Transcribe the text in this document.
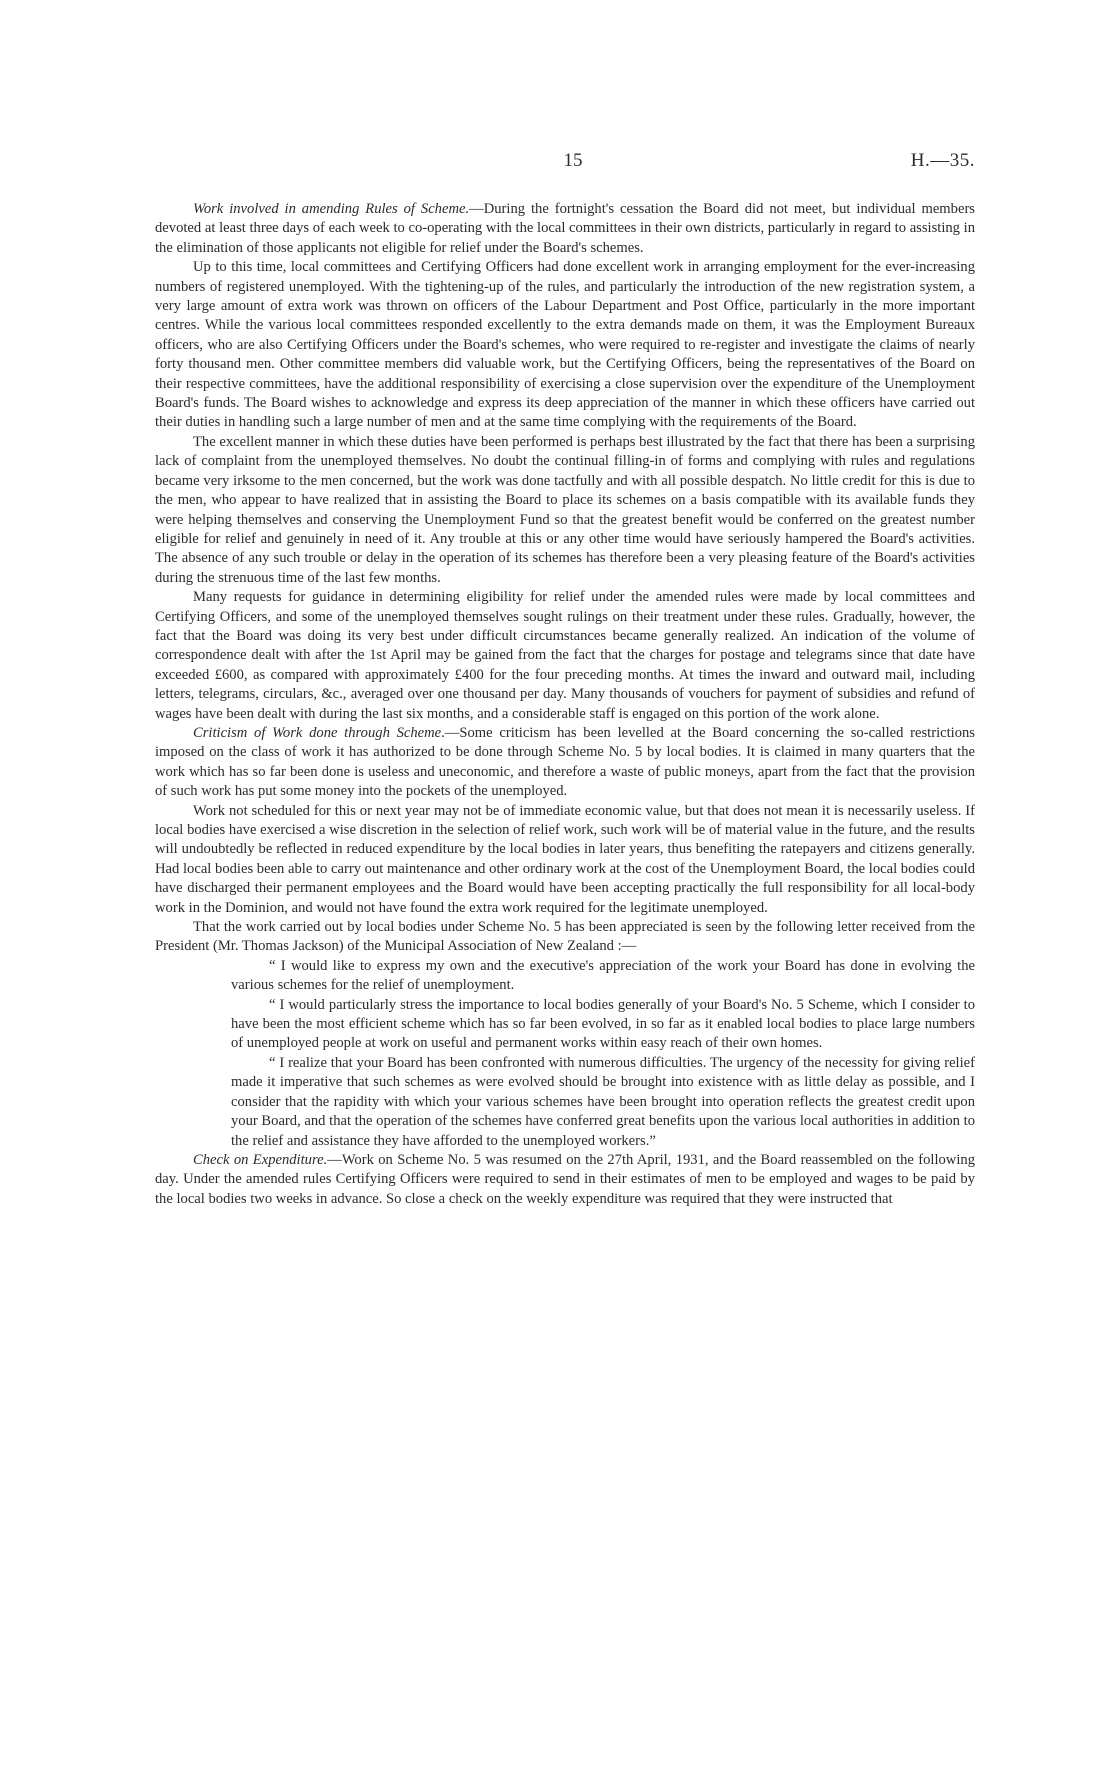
15	H.—35.

Work involved in amending Rules of Scheme.—During the fortnight's cessation the Board did not meet, but individual members devoted at least three days of each week to co-operating with the local committees in their own districts, particularly in regard to assisting in the elimination of those applicants not eligible for relief under the Board's schemes.

Up to this time, local committees and Certifying Officers had done excellent work in arranging employment for the ever-increasing numbers of registered unemployed. With the tightening-up of the rules, and particularly the introduction of the new registration system, a very large amount of extra work was thrown on officers of the Labour Department and Post Office, particularly in the more important centres. While the various local committees responded excellently to the extra demands made on them, it was the Employment Bureaux officers, who are also Certifying Officers under the Board's schemes, who were required to re-register and investigate the claims of nearly forty thousand men. Other committee members did valuable work, but the Certifying Officers, being the representatives of the Board on their respective committees, have the additional responsibility of exercising a close supervision over the expenditure of the Unemployment Board's funds. The Board wishes to acknowledge and express its deep appreciation of the manner in which these officers have carried out their duties in handling such a large number of men and at the same time complying with the requirements of the Board.

The excellent manner in which these duties have been performed is perhaps best illustrated by the fact that there has been a surprising lack of complaint from the unemployed themselves. No doubt the continual filling-in of forms and complying with rules and regulations became very irksome to the men concerned, but the work was done tactfully and with all possible despatch. No little credit for this is due to the men, who appear to have realized that in assisting the Board to place its schemes on a basis compatible with its available funds they were helping themselves and conserving the Unemployment Fund so that the greatest benefit would be conferred on the greatest number eligible for relief and genuinely in need of it. Any trouble at this or any other time would have seriously hampered the Board's activities. The absence of any such trouble or delay in the operation of its schemes has therefore been a very pleasing feature of the Board's activities during the strenuous time of the last few months.

Many requests for guidance in determining eligibility for relief under the amended rules were made by local committees and Certifying Officers, and some of the unemployed themselves sought rulings on their treatment under these rules. Gradually, however, the fact that the Board was doing its very best under difficult circumstances became generally realized. An indication of the volume of correspondence dealt with after the 1st April may be gained from the fact that the charges for postage and telegrams since that date have exceeded £600, as compared with approximately £400 for the four preceding months. At times the inward and outward mail, including letters, telegrams, circulars, &c., averaged over one thousand per day. Many thousands of vouchers for payment of subsidies and refund of wages have been dealt with during the last six months, and a considerable staff is engaged on this portion of the work alone.

Criticism of Work done through Scheme.—Some criticism has been levelled at the Board concerning the so-called restrictions imposed on the class of work it has authorized to be done through Scheme No. 5 by local bodies. It is claimed in many quarters that the work which has so far been done is useless and uneconomic, and therefore a waste of public moneys, apart from the fact that the provision of such work has put some money into the pockets of the unemployed.

Work not scheduled for this or next year may not be of immediate economic value, but that does not mean it is necessarily useless. If local bodies have exercised a wise discretion in the selection of relief work, such work will be of material value in the future, and the results will undoubtedly be reflected in reduced expenditure by the local bodies in later years, thus benefiting the ratepayers and citizens generally. Had local bodies been able to carry out maintenance and other ordinary work at the cost of the Unemployment Board, the local bodies could have discharged their permanent employees and the Board would have been accepting practically the full responsibility for all local-body work in the Dominion, and would not have found the extra work required for the legitimate unemployed.

That the work carried out by local bodies under Scheme No. 5 has been appreciated is seen by the following letter received from the President (Mr. Thomas Jackson) of the Municipal Association of New Zealand :—

“ I would like to express my own and the executive's appreciation of the work your Board has done in evolving the various schemes for the relief of unemployment.

“ I would particularly stress the importance to local bodies generally of your Board's No. 5 Scheme, which I consider to have been the most efficient scheme which has so far been evolved, in so far as it enabled local bodies to place large numbers of unemployed people at work on useful and permanent works within easy reach of their own homes.

“ I realize that your Board has been confronted with numerous difficulties. The urgency of the necessity for giving relief made it imperative that such schemes as were evolved should be brought into existence with as little delay as possible, and I consider that the rapidity with which your various schemes have been brought into operation reflects the greatest credit upon your Board, and that the operation of the schemes have conferred great benefits upon the various local authorities in addition to the relief and assistance they have afforded to the unemployed workers.”

Check on Expenditure.—Work on Scheme No. 5 was resumed on the 27th April, 1931, and the Board reassembled on the following day. Under the amended rules Certifying Officers were required to send in their estimates of men to be employed and wages to be paid by the local bodies two weeks in advance. So close a check on the weekly expenditure was required that they were instructed that
